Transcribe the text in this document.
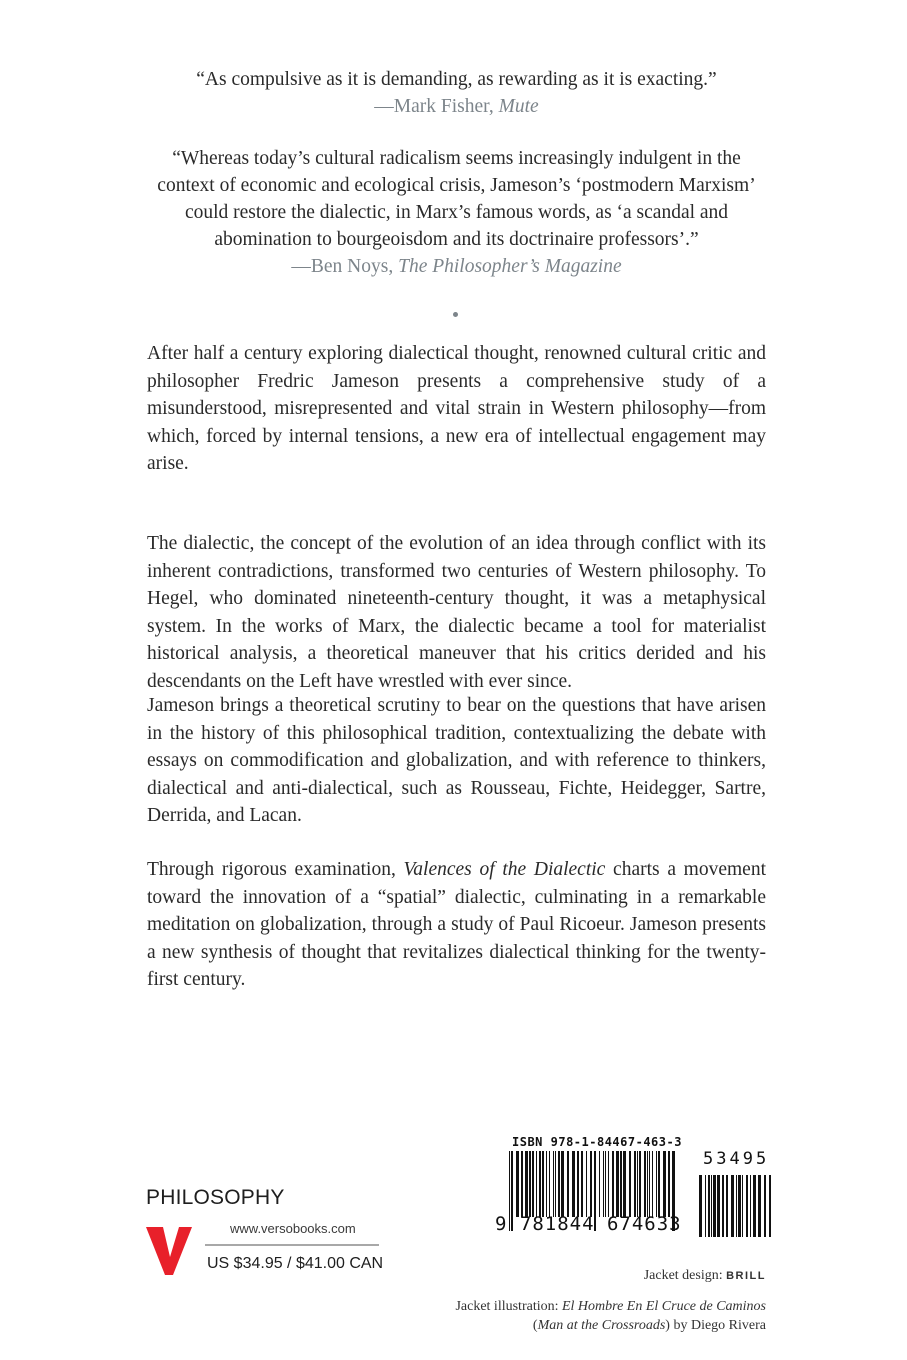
“As compulsive as it is demanding, as rewarding as it is exacting.”
—Mark Fisher, Mute
“Whereas today’s cultural radicalism seems increasingly indulgent in the context of economic and ecological crisis, Jameson’s ‘postmodern Marxism’ could restore the dialectic, in Marx’s famous words, as ‘a scandal and abomination to bourgeoisdom and its doctrinaire professors’.”
—Ben Noys, The Philosopher’s Magazine

After half a century exploring dialectical thought, renowned cultural critic and philosopher Fredric Jameson presents a comprehensive study of a misunderstood, misrepresented and vital strain in Western philosophy—from which, forced by internal tensions, a new era of intellectual engagement may arise.

The dialectic, the concept of the evolution of an idea through conflict with its inherent contradictions, transformed two centuries of Western philosophy. To Hegel, who dominated nineteenth-century thought, it was a metaphysical system. In the works of Marx, the dialectic became a tool for materialist historical analysis, a theoretical maneuver that his critics derided and his descendants on the Left have wrestled with ever since.

Jameson brings a theoretical scrutiny to bear on the questions that have arisen in the history of this philosophical tradition, contextualizing the debate with essays on commodification and globalization, and with reference to thinkers, dialectical and anti-dialectical, such as Rousseau, Fichte, Heidegger, Sartre, Derrida, and Lacan.

Through rigorous examination, Valences of the Dialectic charts a movement toward the innovation of a “spatial” dialectic, culminating in a remarkable meditation on globalization, through a study of Paul Ricoeur. Jameson presents a new synthesis of thought that revitalizes dialectical thinking for the twenty-first century.

PHILOSOPHY
www.versobooks.com
US $34.95 / $41.00 CAN
ISBN 978-1-84467-463-3
9 781844 674633
53495
Jacket design: BRILL
Jacket illustration: El Hombre En El Cruce de Caminos
(Man at the Crossroads) by Diego Rivera
